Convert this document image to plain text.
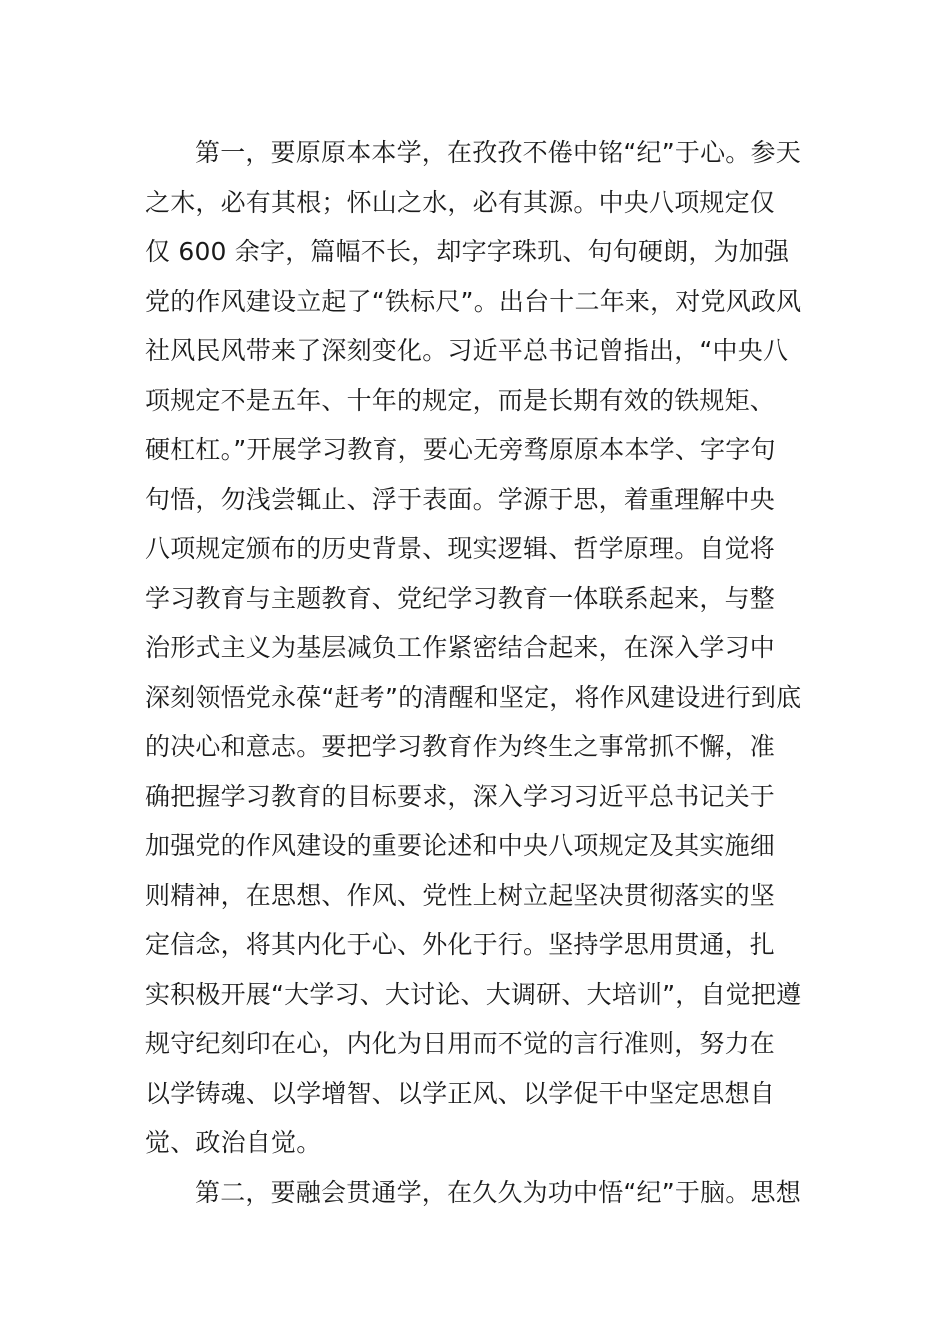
第一，要原原本本学，在孜孜不倦中铭“纪”于心。参天
之木，必有其根；怀山之水，必有其源。中央八项规定仅
仅 600 余字，篇幅不长，却字字珠玑、句句硬朗，为加强
党的作风建设立起了“铁标尺”。出台十二年来，对党风政风
社风民风带来了深刻变化。习近平总书记曾指出，“中央八
项规定不是五年、十年的规定，而是长期有效的铁规矩、
硬杠杠。”开展学习教育，要心无旁骛原原本本学、字字句
句悟，勿浅尝辄止、浮于表面。学源于思，着重理解中央
八项规定颁布的历史背景、现实逻辑、哲学原理。自觉将
学习教育与主题教育、党纪学习教育一体联系起来，与整
治形式主义为基层减负工作紧密结合起来，在深入学习中
深刻领悟党永葆“赶考”的清醒和坚定，将作风建设进行到底
的决心和意志。要把学习教育作为终生之事常抓不懈，准
确把握学习教育的目标要求，深入学习习近平总书记关于
加强党的作风建设的重要论述和中央八项规定及其实施细
则精神，在思想、作风、党性上树立起坚决贯彻落实的坚
定信念，将其内化于心、外化于行。坚持学思用贯通，扎
实积极开展“大学习、大讨论、大调研、大培训”，自觉把遵
规守纪刻印在心，内化为日用而不觉的言行准则，努力在
以学铸魂、以学增智、以学正风、以学促干中坚定思想自
觉、政治自觉。
第二，要融会贯通学，在久久为功中悟“纪”于脑。思想
